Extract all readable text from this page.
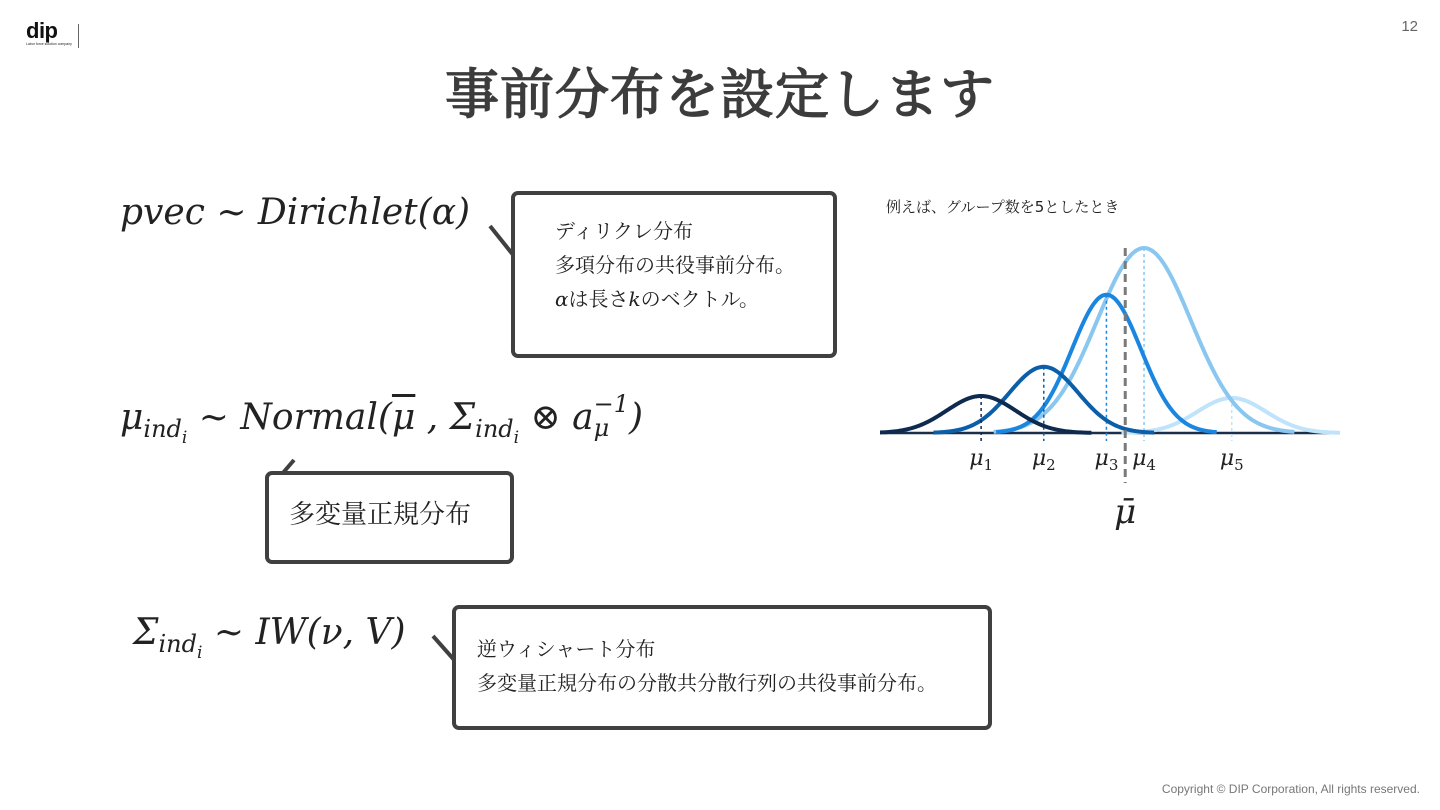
dip
Labor force solution company
12
事前分布を設定します
pvec ∼ Dirichlet(α)	ディリクレ分布
多項分布の共役事前分布。
αは長さkのベクトル。
$\mu_{ind_i}$ ∼ $Normal(\overline{\mu}$ , $\Sigma_{ind_i}$ ⊗ a −1
μ )
多変量正規分布
$\Sigma_{ind_i}$ ∼ IW(ν, V)	逆ウィシャート分布
多変量正規分布の分散共分散行列の共役事前分布。
例えば、グループ数を5としたとき
$\mu_5$
$\mu_4$
$\mu_3$
$\mu_2$
$\mu_1$
μ̄
Copyright © DIP Corporation, All rights reserved.
